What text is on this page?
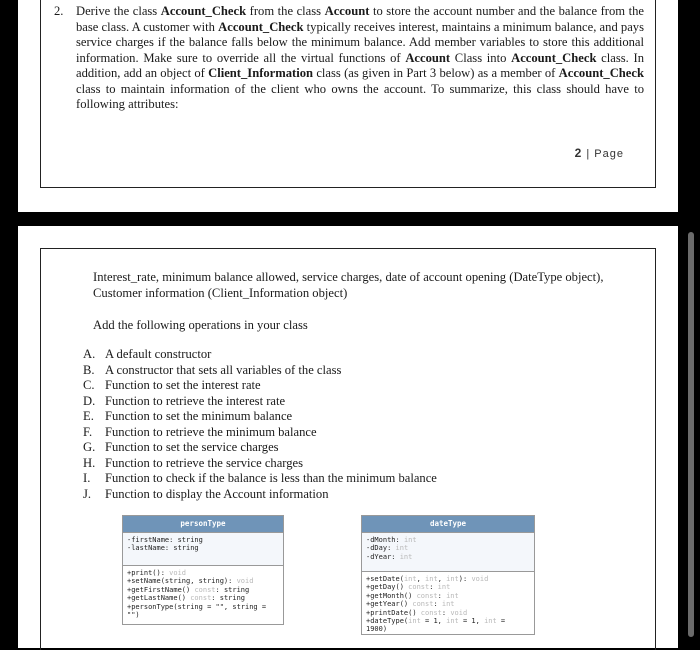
2. Derive the class Account_Check from the class Account to store the account number and the balance from the base class. A customer with Account_Check typically receives interest, maintains a minimum balance, and pays service charges if the balance falls below the minimum balance. Add member variables to store this additional information. Make sure to override all the virtual functions of Account Class into Account_Check class. In addition, add an object of Client_Information class (as given in Part 3 below) as a member of Account_Check class to maintain information of the client who owns the account. To summarize, this class should have to following attributes:

2 | Page

Interest_rate, minimum balance allowed, service charges, date of account opening (DateType object), Customer information (Client_Information object)

Add the following operations in your class

A. A default constructor
B. A constructor that sets all variables of the class
C. Function to set the interest rate
D. Function to retrieve the interest rate
E. Function to set the minimum balance
F.	Function to retrieve the minimum balance
G. Function to set the service charges
H. Function to retrieve the service charges
I.	Function to check if the balance is less than the minimum balance
J.	Function to display the Account information
personType
-firstName: string
-lastName: string
+print(): void
+setName(string, string): void
+getFirstName() const: string
+getLastName() const: string
+personType(string = "", string = "")
dateType
-dMonth: int
-dDay: int
-dYear: int
+setDate(int, int, int): void
+getDay() const: int
+getMonth() const: int
+getYear() const: int
+printDate() const: void
+dateType(int = 1, int = 1, int = 1900)
